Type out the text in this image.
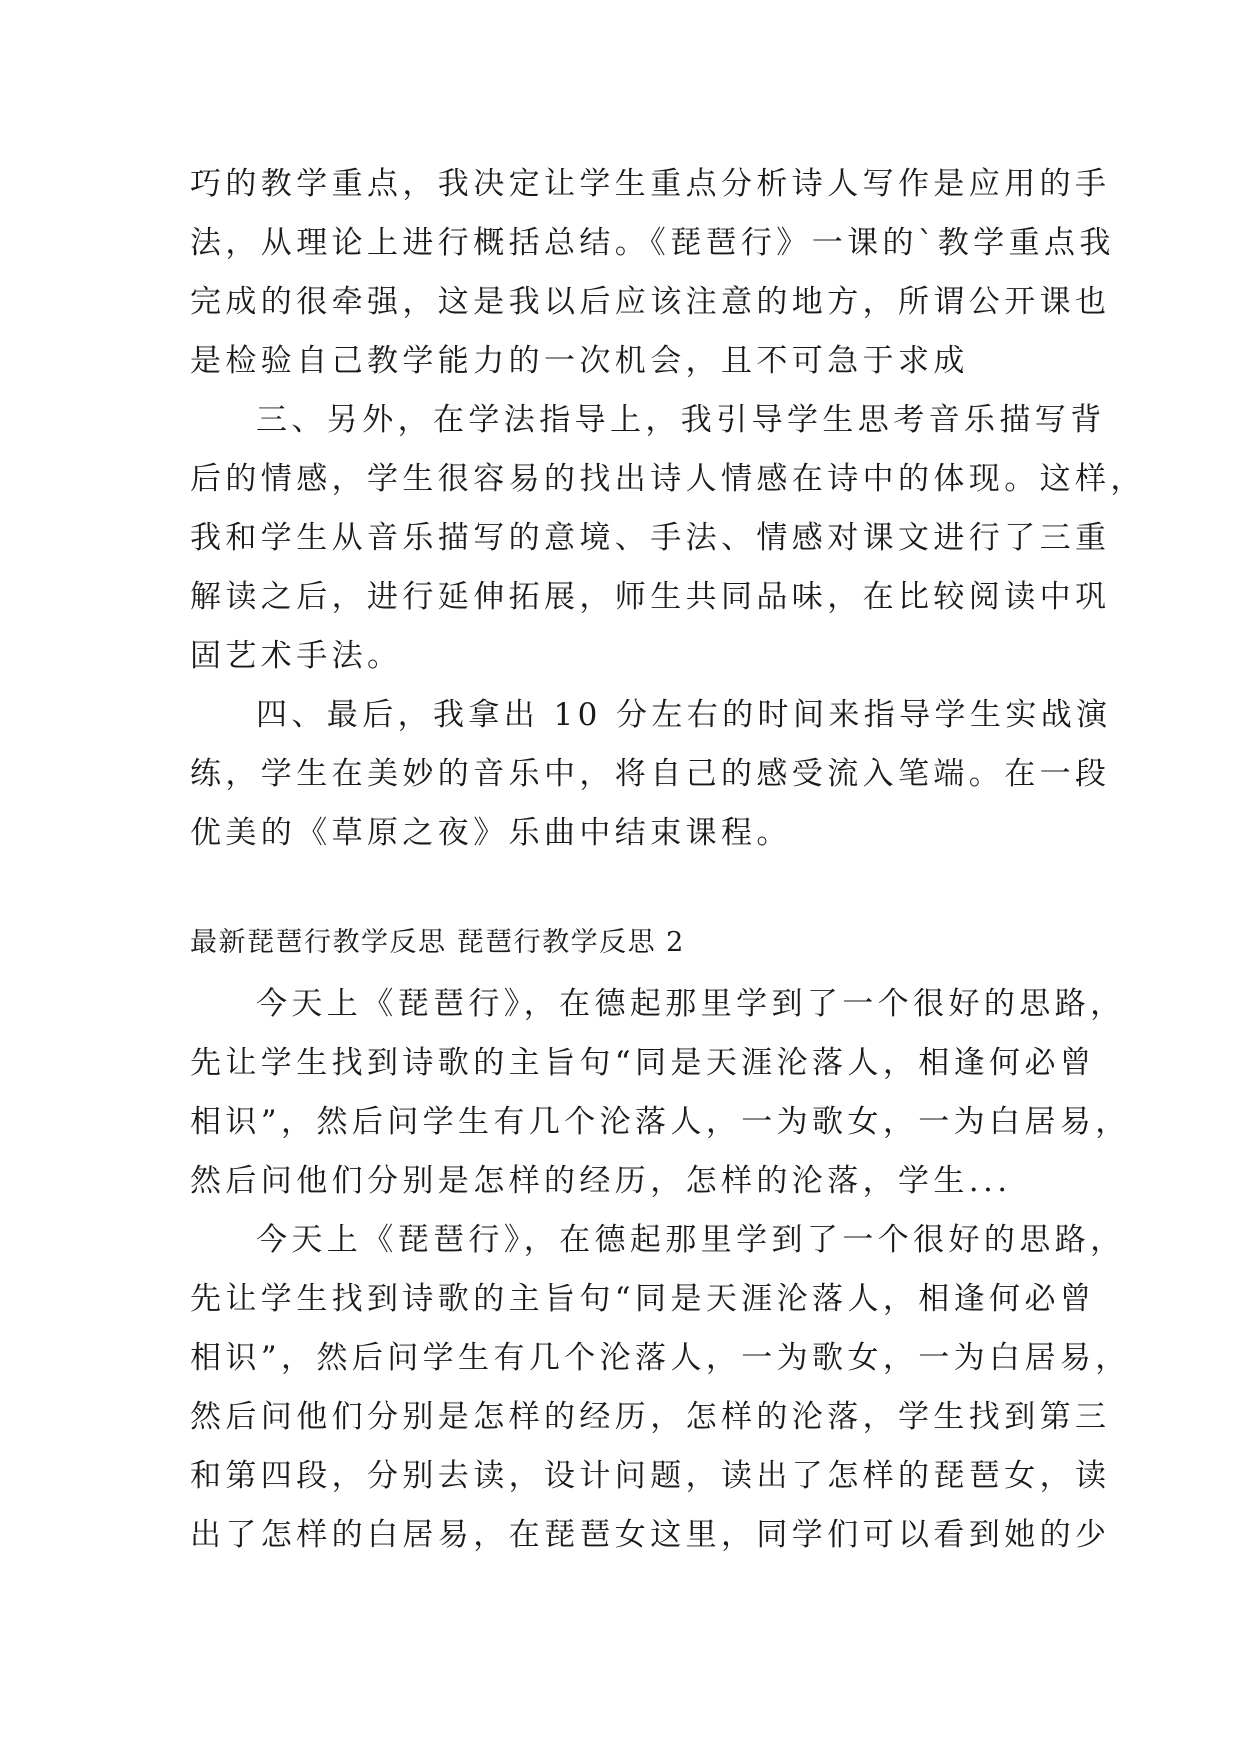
巧的教学重点，我决定让学生重点分析诗人写作是应用的手
法，从理论上进行概括总结。《琵琶行》一课的`教学重点我
完成的很牵强，这是我以后应该注意的地方，所谓公开课也
是检验自己教学能力的一次机会，且不可急于求成
三、另外，在学法指导上，我引导学生思考音乐描写背
后的情感，学生很容易的找出诗人情感在诗中的体现。这样，
我和学生从音乐描写的意境、手法、情感对课文进行了三重
解读之后，进行延伸拓展，师生共同品味，在比较阅读中巩
固艺术手法。
四、最后，我拿出 10 分左右的时间来指导学生实战演
练，学生在美妙的音乐中，将自己的感受流入笔端。在一段
优美的《草原之夜》乐曲中结束课程。
最新琵琶行教学反思 琵琶行教学反思 2
今天上《琵琶行》，在德起那里学到了一个很好的思路，
先让学生找到诗歌的主旨句“同是天涯沦落人，相逢何必曾
相识”，然后问学生有几个沦落人，一为歌女，一为白居易，
然后问他们分别是怎样的经历，怎样的沦落，学生...
今天上《琵琶行》，在德起那里学到了一个很好的思路，
先让学生找到诗歌的主旨句“同是天涯沦落人，相逢何必曾
相识”，然后问学生有几个沦落人，一为歌女，一为白居易，
然后问他们分别是怎样的经历，怎样的沦落，学生找到第三
和第四段，分别去读，设计问题，读出了怎样的琵琶女，读
出了怎样的白居易，在琵琶女这里，同学们可以看到她的少
